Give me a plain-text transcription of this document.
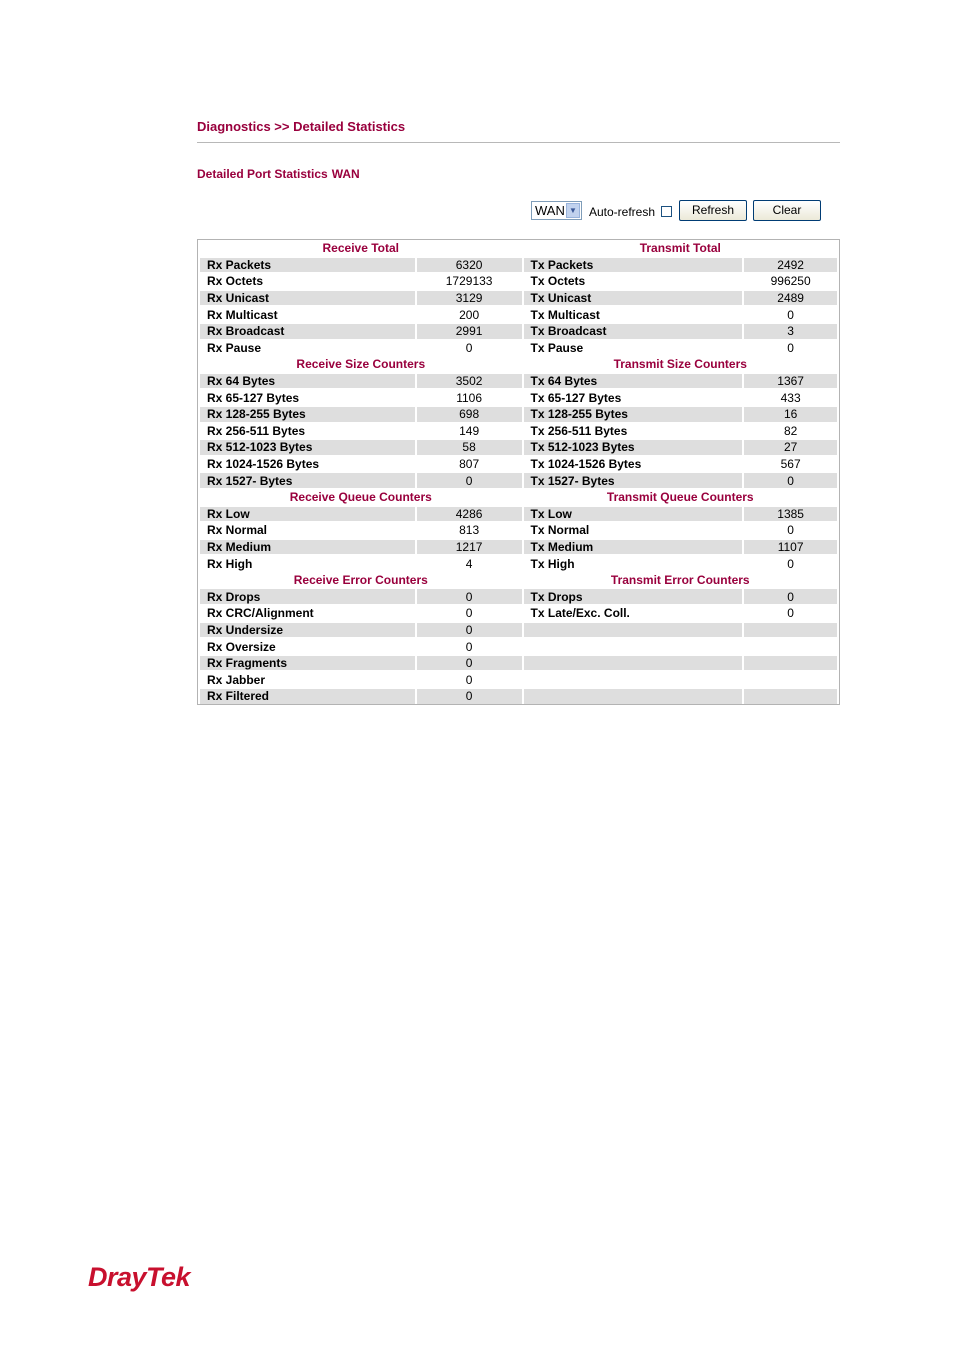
Diagnostics >> Detailed Statistics
Detailed Port Statistics WAN
WAN ▼ Auto-refresh	Refresh	Clear
Receive Total		Transmit Total	
Rx Packets	6320	Tx Packets	2492
Rx Octets	1729133	Tx Octets	996250
Rx Unicast	3129	Tx Unicast	2489
Rx Multicast	200	Tx Multicast	0
Rx Broadcast	2991	Tx Broadcast	3
Rx Pause	0	Tx Pause	0
Receive Size Counters		Transmit Size Counters	
Rx 64 Bytes	3502	Tx 64 Bytes	1367
Rx 65-127 Bytes	1106	Tx 65-127 Bytes	433
Rx 128-255 Bytes	698	Tx 128-255 Bytes	16
Rx 256-511 Bytes	149	Tx 256-511 Bytes	82
Rx 512-1023 Bytes	58	Tx 512-1023 Bytes	27
Rx 1024-1526 Bytes	807	Tx 1024-1526 Bytes	567
Rx 1527- Bytes	0	Tx 1527- Bytes	0
Receive Queue Counters		Transmit Queue Counters	
Rx Low	4286	Tx Low	1385
Rx Normal	813	Tx Normal	0
Rx Medium	1217	Tx Medium	1107
Rx High	4	Tx High	0
Receive Error Counters		Transmit Error Counters	
Rx Drops	0	Tx Drops	0
Rx CRC/Alignment	0	Tx Late/Exc. Coll.	0
Rx Undersize	0		
Rx Oversize	0		
Rx Fragments	0		
Rx Jabber	0		
Rx Filtered	0		
DrayTek
